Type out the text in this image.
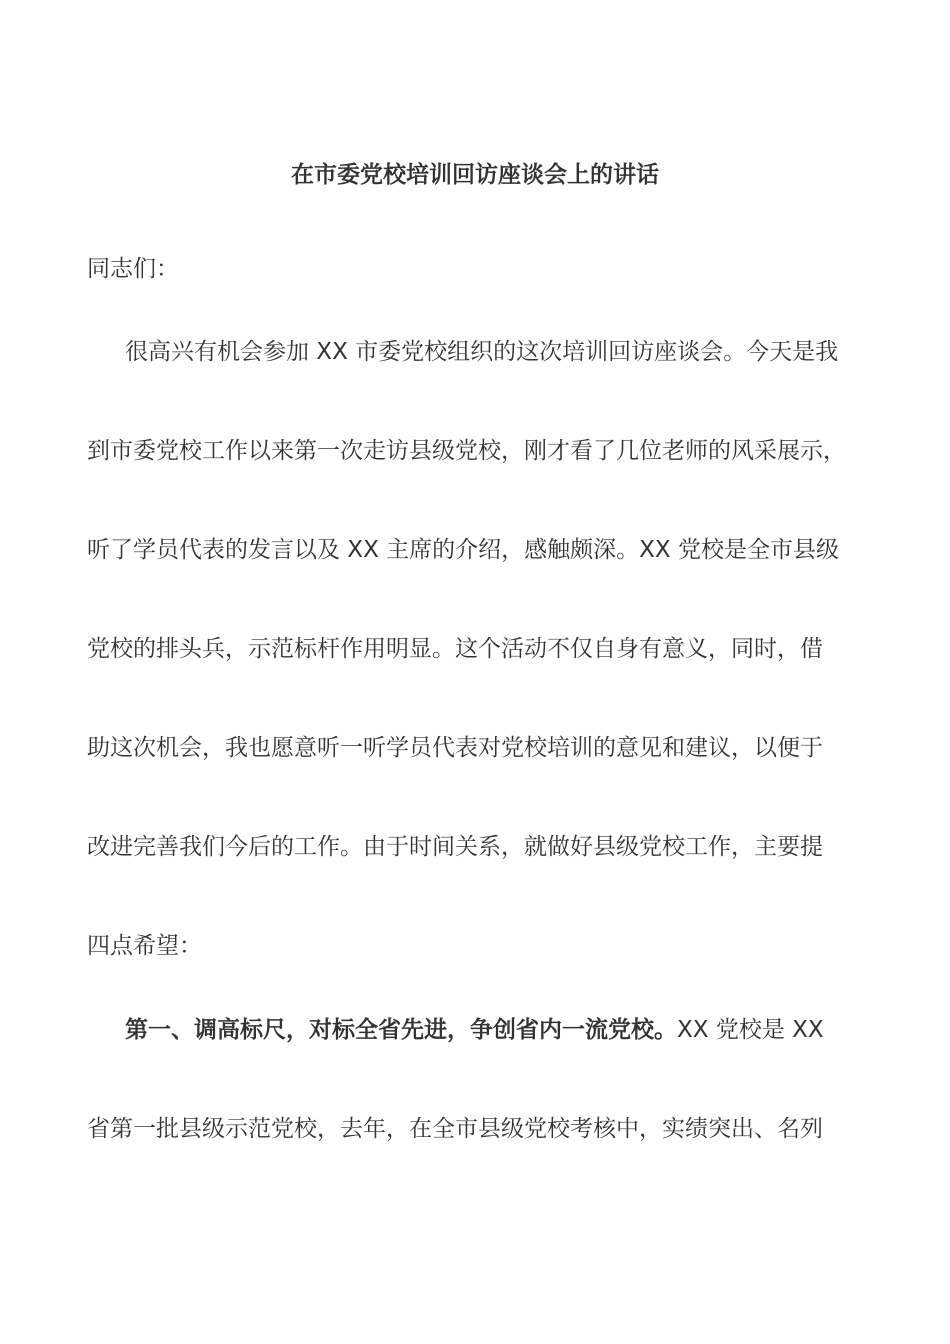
在市委党校培训回访座谈会上的讲话

同志们：

很高兴有机会参加 XX 市委党校组织的这次培训回访座谈会。今天是我

到市委党校工作以来第一次走访县级党校，刚才看了几位老师的风采展示，

听了学员代表的发言以及 XX 主席的介绍，感触颇深。XX 党校是全市县级

党校的排头兵，示范标杆作用明显。这个活动不仅自身有意义，同时，借

助这次机会，我也愿意听一听学员代表对党校培训的意见和建议，以便于

改进完善我们今后的工作。由于时间关系，就做好县级党校工作，主要提

四点希望：

第一、调高标尺，对标全省先进，争创省内一流党校。XX 党校是 XX

省第一批县级示范党校，去年，在全市县级党校考核中，实绩突出、名列
